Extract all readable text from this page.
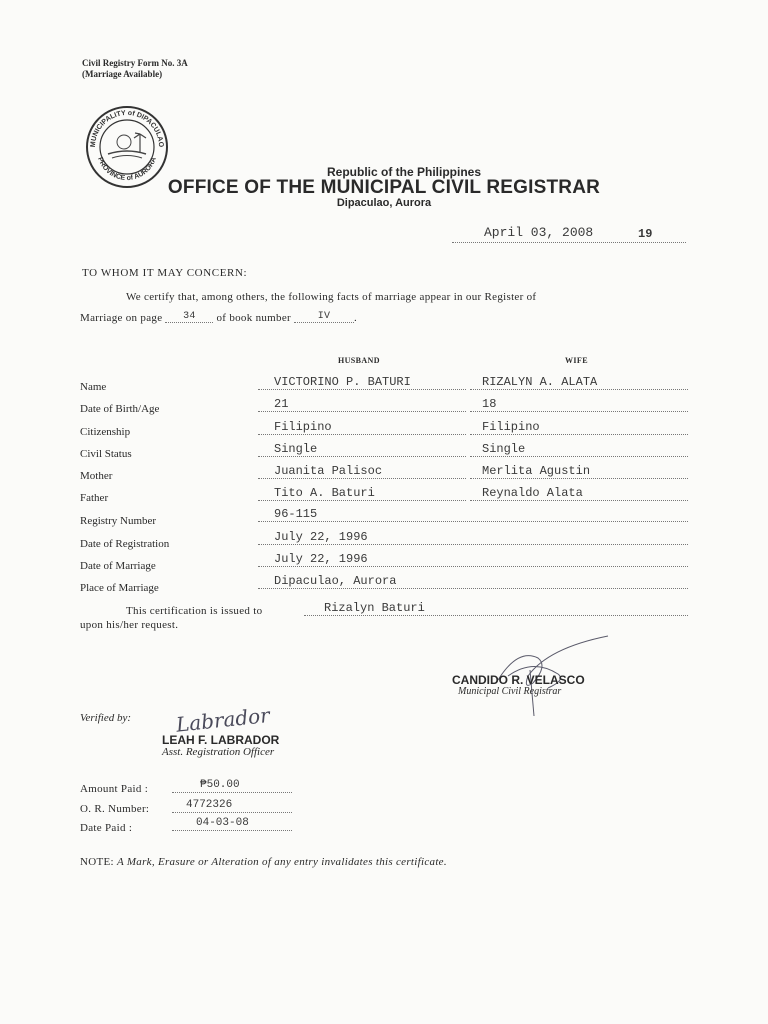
Civil Registry Form No. 3A
(Marriage Available)
MUNICIPALITY of DIPACULAO
PROVINCE of AURORA
Republic of the Philippines
OFFICE OF THE MUNICIPAL CIVIL REGISTRAR
Dipaculao, Aurora
April 03, 2008	19
TO WHOM IT MAY CONCERN:
We certify that, among others, the following facts of marriage appear in our Register of
Marriage on page 34 of book number	IV .
HUSBAND	WIFE
Name	VICTORINO P. BATURI	RIZALYN A. ALATA
Date of Birth/Age	21	18
Citizenship	Filipino	Filipino
Civil Status	Single	Single
Mother	Juanita Palisoc	Merlita Agustin
Father	Tito A. Baturi	Reynaldo Alata
Registry Number	96-115
Date of Registration	July 22, 1996
Date of Marriage	July 22, 1996
Place of Marriage	Dipaculao, Aurora
This certification is issued to	Rizalyn Baturi
upon his/her request.
CANDIDO R. VELASCO
Municipal Civil Registrar
Verified by: Labrador
LEAH F. LABRADOR
Asst. Registration Officer
Amount Paid :	₱50.00
O. R. Number:	4772326
Date Paid :	04-03-08
NOTE: A Mark, Erasure or Alteration of any entry invalidates this certificate.
